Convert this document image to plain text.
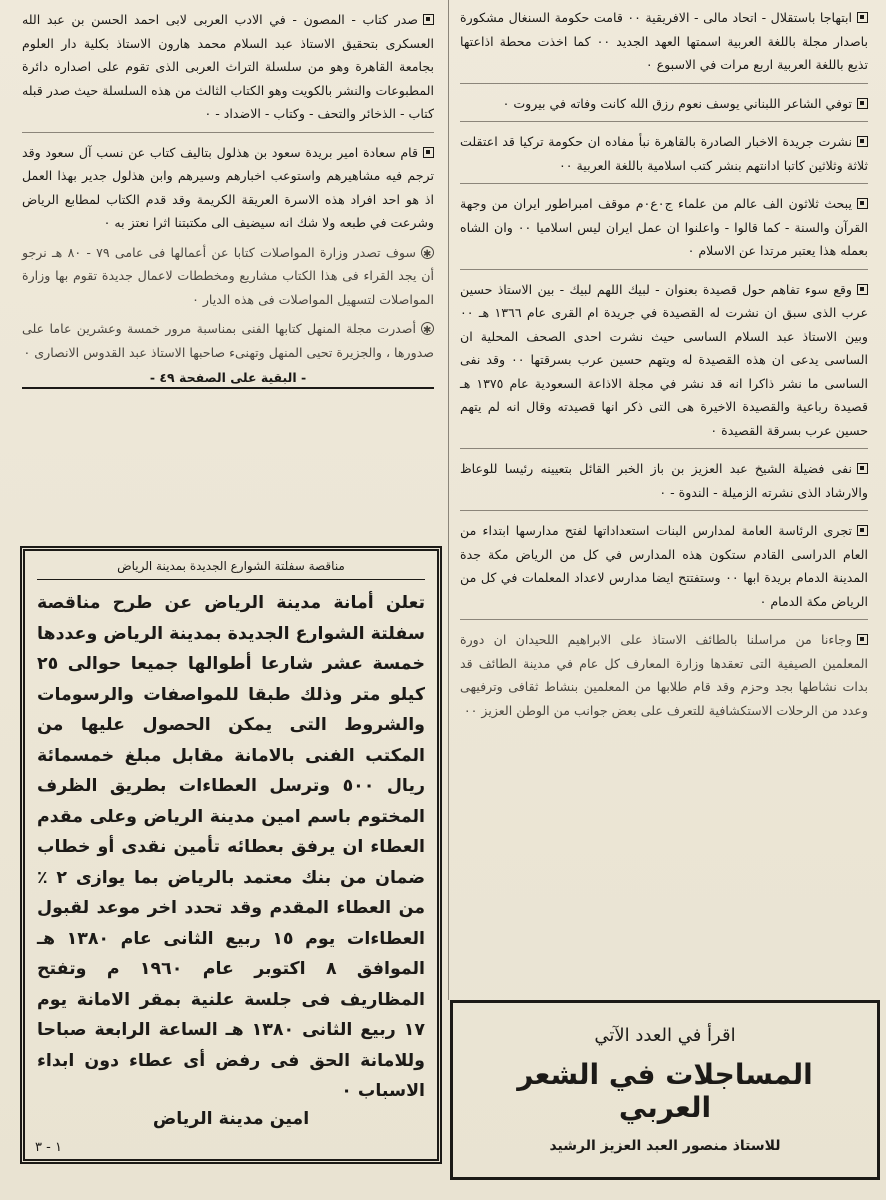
ابتهاجا باستقلال - اتحاد مالى - الافريقية ٠٠ قامت حكومة السنغال مشكورة باصدار مجلة باللغة العربية اسمتها العهد الجديد ٠٠ كما اخذت محطة اذاعتها تذيع باللغة العربية اربع مرات في الاسبوع ٠

توفي الشاعر اللبناني يوسف نعوم رزق الله كانت وفاته في بيروت ٠

نشرت جريدة الاخبار الصادرة بالقاهرة نبأ مفاده ان حكومة تركيا قد اعتقلت ثلاثة وثلاثين كاتبا ادانتهم بنشر كتب اسلامية باللغة العربية ٠٠

يبحث ثلاثون الف عالم من علماء ج٠ع٠م موقف امبراطور ايران من وجهة القرآن والسنة - كما قالوا - واعلنوا ان عمل ايران ليس اسلاميا ٠٠ وان الشاه بعمله هذا يعتبر مرتدا عن الاسلام ٠

وقع سوء تفاهم حول قصيدة بعنوان - لبيك اللهم لبيك - بين الاستاذ حسين عرب الذى سبق ان نشرت له القصيدة في جريدة ام القرى عام ١٣٦٦ هـ ٠٠ وبين الاستاذ عبد السلام الساسى حيث نشرت احدى الصحف المحلية ان الساسى يدعى ان هذه القصيدة له ويتهم حسين عرب بسرقتها ٠٠ وقد نفى الساسى ما نشر ذاكرا انه قد نشر في مجلة الاذاعة السعودية عام ١٣٧٥ هـ قصيدة رباعية والقصيدة الاخيرة هى التى ذكر انها قصيدته وقال انه لم يتهم حسين عرب بسرقة القصيدة ٠

نفى فضيلة الشيخ عبد العزيز بن باز الخبر القائل بتعيينه رئيسا للوعاظ والارشاد الذى نشرته الزميلة - الندوة - ٠

تجرى الرئاسة العامة لمدارس البنات استعداداتها لفتح مدارسها ابتداء من العام الدراسى القادم ستكون هذه المدارس في كل من الرياض مكة جدة المدينة الدمام بريدة ابها ٠٠ وستفتتح ايضا مدارس لاعداد المعلمات في كل من الرياض مكة الدمام ٠

وجاءنا من مراسلنا بالطائف الاستاذ على الابراهيم اللحيدان ان دورة المعلمين الصيفية التى تعقدها وزارة المعارف كل عام في مدينة الطائف قد بدات نشاطها بجد وحزم وقد قام طلابها من المعلمين بنشاط ثقافى وترفيهى وعدد من الرحلات الاستكشافية للتعرف على بعض جوانب من الوطن العزيز ٠٠

صدر كتاب - المصون - في الادب العربى لابى احمد الحسن بن عبد الله العسكرى بتحقيق الاستاذ عبد السلام محمد هارون الاستاذ بكلية دار العلوم بجامعة القاهرة وهو من سلسلة التراث العربى الذى تقوم على اصداره دائرة المطبوعات والنشر بالكويت وهو الكتاب الثالث من هذه السلسلة حيث صدر قبله كتاب - الذخائر والتحف - وكتاب - الاضداد - ٠

قام سعادة امير بريدة سعود بن هذلول بتاليف كتاب عن نسب آل سعود وقد ترجم فيه مشاهيرهم واستوعب اخبارهم وسيرهم وابن هذلول جدير بهذا العمل اذ هو احد افراد هذه الاسرة العريقة الكريمة وقد قدم الكتاب لمطابع الرياض وشرعت في طبعه ولا شك انه سيضيف الى مكتبتنا اثرا نعتز به ٠

✱سوف تصدر وزارة المواصلات كتابا عن أعمالها فى عامى ٧٩ - ٨٠ هـ نرجو أن يجد القراء فى هذا الكتاب مشاريع ومخططات لاعمال جديدة تقوم بها وزارة المواصلات لتسهيل المواصلات فى هذه الديار ٠

✱أصدرت مجلة المنهل كتابها الفنى بمناسبة مرور خمسة وعشرين عاما على صدورها ، والجزيرة تحيى المنهل وتهنىء صاحبها الاستاذ عبد القدوس الانصارى ٠

- البقية على الصفحة ٤٩ -
مناقصة سفلتة الشوارع الجديدة بمدينة الرياض
تعلن أمانة مدينة الرياض عن طرح مناقصة سفلتة الشوارع الجديدة بمدينة الرياض وعددها خمسة عشر شارعا أطوالها جميعا حوالى ٢٥ كيلو متر وذلك طبقا للمواصفات والرسومات والشروط التى يمكن الحصول عليها من المكتب الفنى بالامانة مقابل مبلغ خمسمائة ريال ٥٠٠ وترسل العطاءات بطريق الظرف المختوم باسم امين مدينة الرياض وعلى مقدم العطاء ان يرفق بعطائه تأمين نقدى أو خطاب ضمان من بنك معتمد بالرياض بما يوازى ٢ ٪ من العطاء المقدم وقد تحدد اخر موعد لقبول العطاءات يوم ١٥ ربيع الثانى عام ١٣٨٠ هـ الموافق ٨ اكتوبر عام ١٩٦٠ م وتفتح المظاريف فى جلسة علنية بمقر الامانة يوم ١٧ ربيع الثانى ١٣٨٠ هـ الساعة الرابعة صباحا وللامانة الحق فى رفض أى عطاء دون ابداء الاسباب ٠
امين مدينة الرياض
١ - ٣
اقرأ في العدد الآتي
المساجلات في الشعر العربي
للاستاذ منصور العبد العزيز الرشيد
